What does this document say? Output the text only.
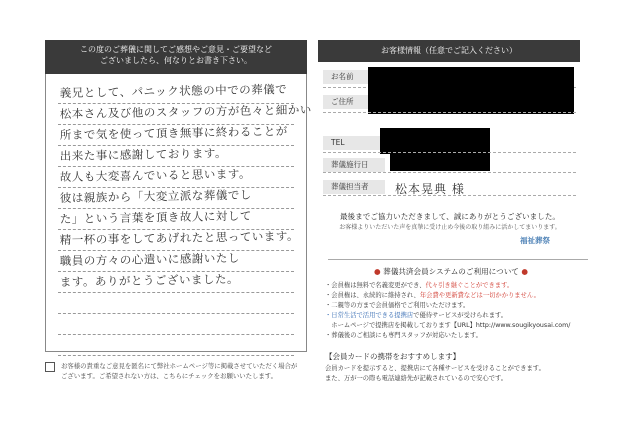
この度のご葬儀に関してご感想やご意見・ご要望など
ございましたら、何なりとお書き下さい。
義兄として、パニック状態の中での葬儀で
松本さん及び他のスタッフの方が色々と細かい
所まで気を使って頂き無事に終わることが
出来た事に感謝しております。
故人も大変喜んでいると思います。
彼は親族から「大変立派な葬儀でし
た」という言葉を頂き故人に対して
精一杯の事をしてあげれたと思っています。
職員の方々の心遣いに感謝いたし
ます。ありがとうございました。
お客様の貴重なご意見を匿名にて弊社ホームページ等に掲載させていただく場合が
ございます。ご希望されない方は、こちらにチェックをお願いいたします。
お客様情報（任意でご記入ください）
お名前
ご住所
TEL
葬儀施行日
葬儀担当者	松本晃典 様
最後までご協力いただきまして、誠にありがとうございました。
お客様よりいただいた声を真摯に受け止め今後の取り組みに活かしてまいります。
福祉葬祭
● 葬儀共済会員システムのご利用について ●
・会員権は無料で名義変更ができ、代々引き継ぐことができます。
・会員権は、永続的に維持され、年会費や更新費などは一切かかりません。
・二親等の方まで会員価格でご利用いただけます。
・日常生活で活用できる提携店で優待サービスが受けられます。
　ホームページで提携店を掲載しております【URL】http://www.sougikyousai.com/
・葬儀後のご相談にも専門スタッフが対応いたします。
【会員カードの携帯をおすすめします】
会員カードを提示すると、提携店にて各種サービスを受けることができます。
また、万が一の際も電話連絡先が記載されているので安心です。
